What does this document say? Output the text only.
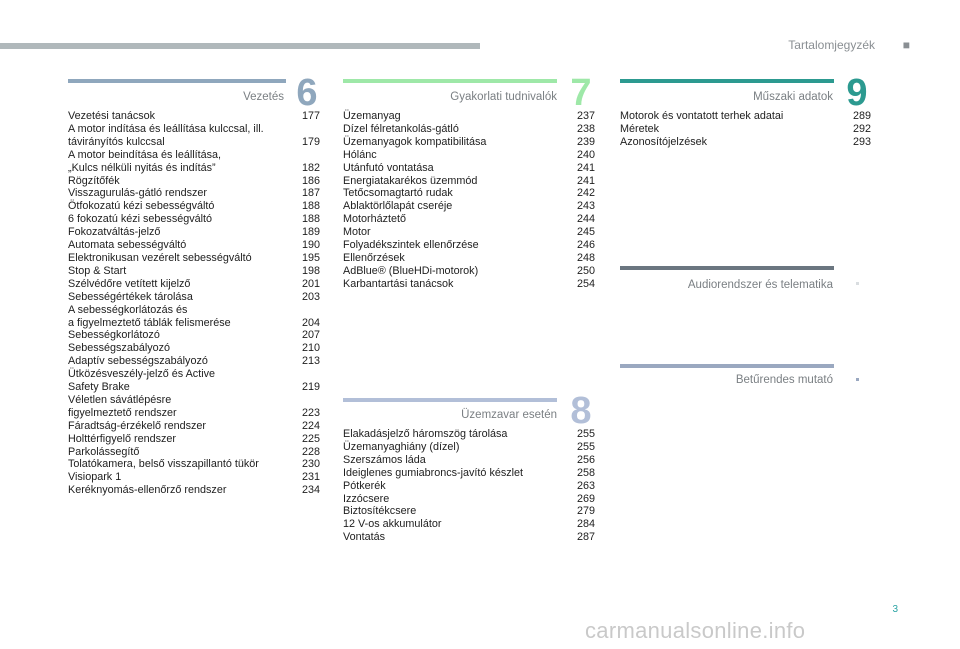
Tartalomjegyzék ■
Vezetés 6
Vezetési tanácsok	177
A motor indítása és leállítása kulccsal, ill.
távirányítós kulccsal	179
A motor beindítása és leállítása,
„Kulcs nélküli nyitás és indítás”	182
Rögzítőfék	186
Visszagurulás-gátló rendszer	187
Ötfokozatú kézi sebességváltó	188
6 fokozatú kézi sebességváltó	188
Fokozatváltás-jelző	189
Automata sebességváltó	190
Elektronikusan vezérelt sebességváltó	195
Stop & Start	198
Szélvédőre vetített kijelző	201
Sebességértékek tárolása	203
A sebességkorlátozás és
a figyelmeztető táblák felismerése	204
Sebességkorlátozó	207
Sebességszabályozó	210
Adaptív sebességszabályozó	213
Ütközésveszély-jelző és Active
Safety Brake	219
Véletlen sávátlépésre
figyelmeztető rendszer	223
Fáradtság-érzékelő rendszer	224
Holttérfigyelő rendszer	225
Parkolássegítő	228
Tolatókamera, belső visszapillantó tükör	230
Visiopark 1	231
Keréknyomás-ellenőrző rendszer	234
Gyakorlati tudnivalók 7
Üzemanyag	237
Dízel félretankolás-gátló	238
Üzemanyagok kompatibilitása	239
Hólánc	240
Utánfutó vontatása	241
Energiatakarékos üzemmód	241
Tetőcsomagtartó rudak	242
Ablaktörlőlapát cseréje	243
Motorháztető	244
Motor	245
Folyadékszintek ellenőrzése	246
Ellenőrzések	248
AdBlue® (BlueHDi-motorok)	250
Karbantartási tanácsok	254
Üzemzavar esetén 8
Elakadásjelző háromszög tárolása	255
Üzemanyaghiány (dízel)	255
Szerszámos láda	256
Ideiglenes gumiabroncs-javító készlet	258
Pótkerék	263
Izzócsere	269
Biztosítékcsere	279
12 V-os akkumulátor	284
Vontatás	287
Műszaki adatok 9
Motorok és vontatott terhek adatai	289
Méretek	292
Azonosítójelzések	293
Audiorendszer és telematika
Betűrendes mutató
3
carmanualsonline.info
